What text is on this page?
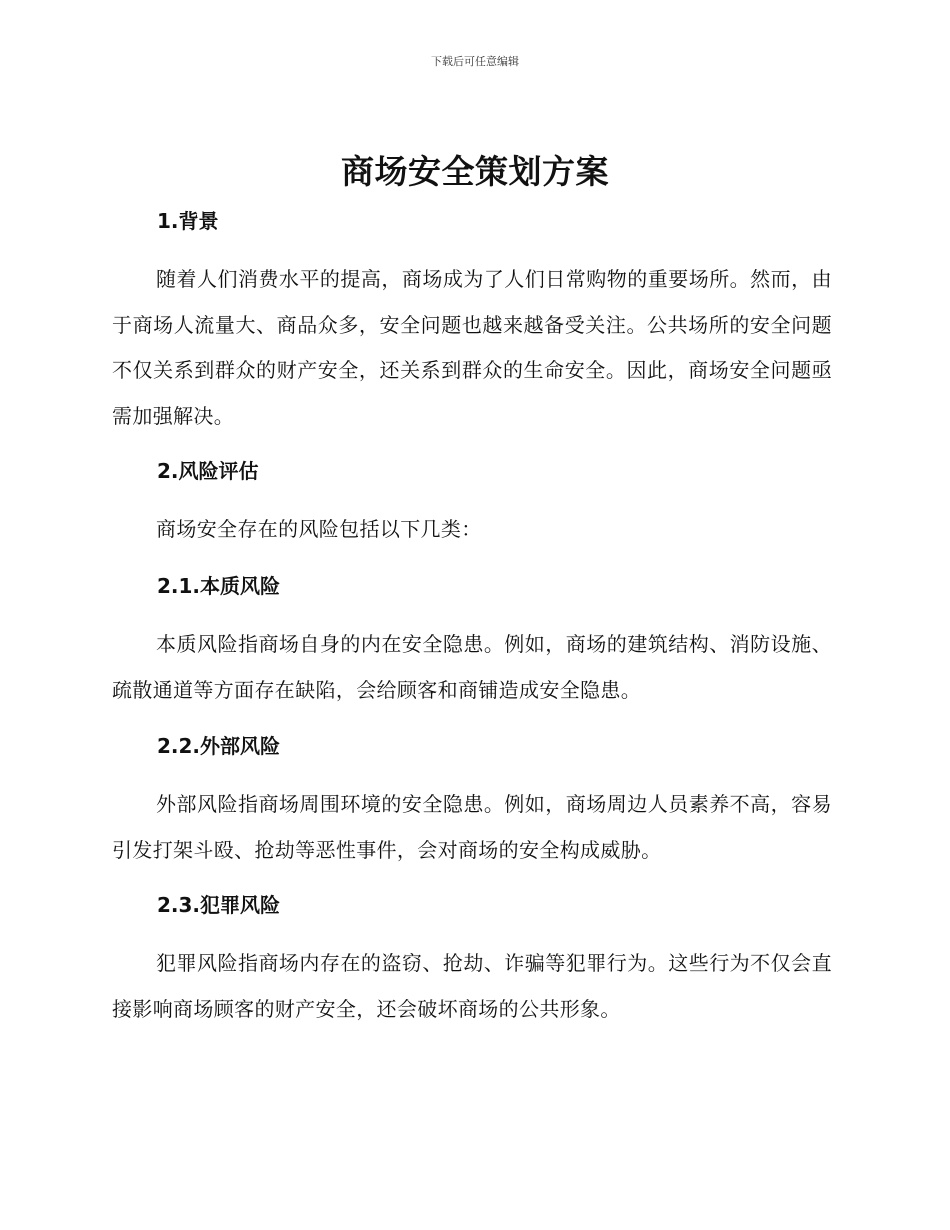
下载后可任意编辑
商场安全策划方案
1.背景

随着人们消费水平的提高，商场成为了人们日常购物的重要场所。然而，由于商场人流量大、商品众多，安全问题也越来越备受关注。公共场所的安全问题不仅关系到群众的财产安全，还关系到群众的生命安全。因此，商场安全问题亟需加强解决。

2.风险评估

商场安全存在的风险包括以下几类：

2.1.本质风险

本质风险指商场自身的内在安全隐患。例如，商场的建筑结构、消防设施、疏散通道等方面存在缺陷，会给顾客和商铺造成安全隐患。

2.2.外部风险

外部风险指商场周围环境的安全隐患。例如，商场周边人员素养不高，容易引发打架斗殴、抢劫等恶性事件，会对商场的安全构成威胁。

2.3.犯罪风险

犯罪风险指商场内存在的盗窃、抢劫、诈骗等犯罪行为。这些行为不仅会直接影响商场顾客的财产安全，还会破坏商场的公共形象。
